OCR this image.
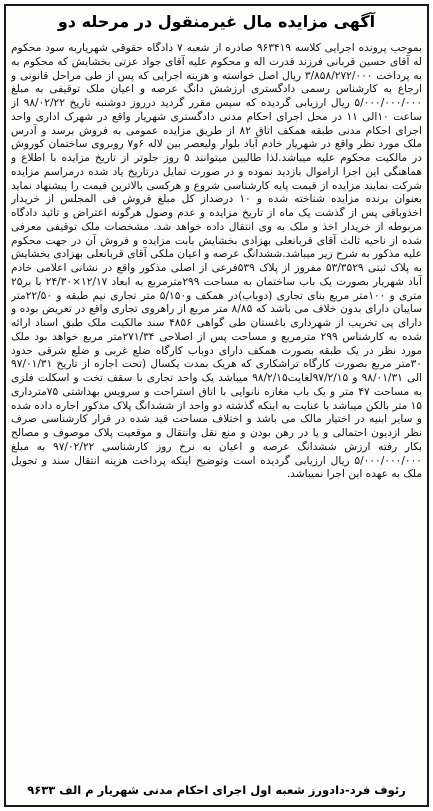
آگهی مزایده مال غیرمنقول در مرحله دو

بموجب پرونده اجرایی کلاسه ۹۶۳۴۱۹ صادره از شعبه ۷ دادگاه حقوقی شهریاربه سود محکوم له آقای حسین قربانی فرزند قدرت اله و محکوم علیه آقای جواد عزتی بخشایش که محکوم به به پرداخت ۳/۸۵۸/۲۷۲/۰۰۰ ریال اصل خواسته و هزینه اجرایی که پس از طی مراحل قانونی و ارجاع به کارشناس رسمی دادگستری ارزشش دانگ عرصه و اعیان ملک توقیفی به مبلغ ۵/۰۰۰/۰۰۰/۰۰۰ ریال ارزیابی گردیده که سپس مقرر گردید درروز دوشنبه تاریخ ۹۸/۰۲/۲۲ از ساعت ۱۰الی ۱۱ در محل اجرای احکام مدنی دادگستری شهریار واقع در شهرک اداری واحد اجرای احکام مدنی طبقه همکف اتاق ۸۲ از طریق مزایده عمومی به فروش برسد و آدرس ملک مورد نظر واقع در شهریار خادم آباد بلوار ولیعصر بین لاله ۶و۷ روبروی ساختمان کوروش در مالکیت محکوم علیه میباشد.لذا طالبین میتوانند ۵ روز جلوتر از تاریخ مزایده با اطلاع و هماهنگی این اجرا ازاموال بازدید نموده و در صورت تمایل درتاریخ یاد شده درمراسم مزایده شرکت نمایند مزایده از قیمت پایه کارشناسی شروع و هرکسی بالاترین قیمت را پیشنهاد نماید بعنوان برنده مزایده شناخته شده و ۱۰ درصداز کل مبلغ فروش فی المجلس از خریدار اخذوباقی پس از گذشت یک ماه از تاریخ مزایده و عدم وصول هرگونه اعتراض و تائید دادگاه مربوطه از خریدار اخذ و ملک به وی انتقال داده خواهد شد. مشخصات ملک توقیفی معرفی شده از ناحیه ثالث آقای قربانعلی بهزادی بخشایش بابت مزایده و فروش آن در جهت محکوم علیه مذکور به شرح زیر میباشد.ششدانگ عرصه و اعیان ملکی آقای قربانعلی بهزادی بخشایش به پلاک ثبتی ۵۳/۳۵۲۹ مفروز از پلاک ۵۳۹فرعی از اصلی مذکور واقع در نشانی اعلامی خادم آباد شهریار بصورت یک باب ساختمان به مساحت ۲۹۹مترمربع به ابعاد ۱۲/۱۷×۲۴/۳۰ با بر۲۵ متری و ۱۰۰متر مربع بنای تجاری (دوباب)در همکف و۵/۱۵۰ متر تجاری نیم طبقه و ۲۲/۵۰متر سایبان دارای بدون خلاف می باشد که ۸/۸۵ متر مربع از راهروی تجاری واقع در تعریض بوده و دارای پی تخریب از شهرداری باغستان طی گواهی ۴۸۵۶ سند مالکیت ملک طبق اسناد ارائه شده به کارشناس ۲۹۹ مترمربع و مساحت پس از اصلاحی ۲۷۱/۳۴متر مربع خواهد بود ملک مورد نظر در یک طبقه بصورت همکف دارای دوباب کارگاه ضلع غربی و ضلع شرقی حدود ۳۰متر مربع بصورت کارگاه تراشکاری که هریک بمدت یکسال (تحت اجاره از تاریخ ۹۷/۰۱/۳۱ الی ۹۸/۰۱/۳۱ و ۹۷/۲/۱۵لغایت۹۸/۲/۱۵ میباشد یک واحد تجاری با سقف تخت و اسکلت فلزی به مساحت ۴۷ متر و یک باب مغازه نانوایی با اتاق استراحت و سرویس بهداشتی ۷۵مترداری ۱۵ متر بالکن میباشد با عنایت به اینکه گذشته دو واحد از ششدانگ پلاک مذکور اجاره داده شده و سایر ابنیه در اختیار مالک می باشد و اختلاف مساحت قید شده در قرار کارشناسی صرف نظر ازدیون احتمالی و یا در رهن بودن و منع نقل وانتقال و موقعیت پلاک موصوف و مصالح بکار رفته ارزش ششدانگ عرصه و اعیان به نرخ روز کارشناسی ۹۷/۰۲/۲۲ به مبلغ ۵/۰۰۰/۰۰۰/۰۰۰ ریال ارزیابی گردیده است وتوضیح اینکه پرداخت هزینه انتقال سند و تحویل ملک به عهده این اجرا نمیباشد.

رئوف فرد-دادورز شعبه اول اجرای احکام مدنی شهریار م الف ۹۶۳۳
